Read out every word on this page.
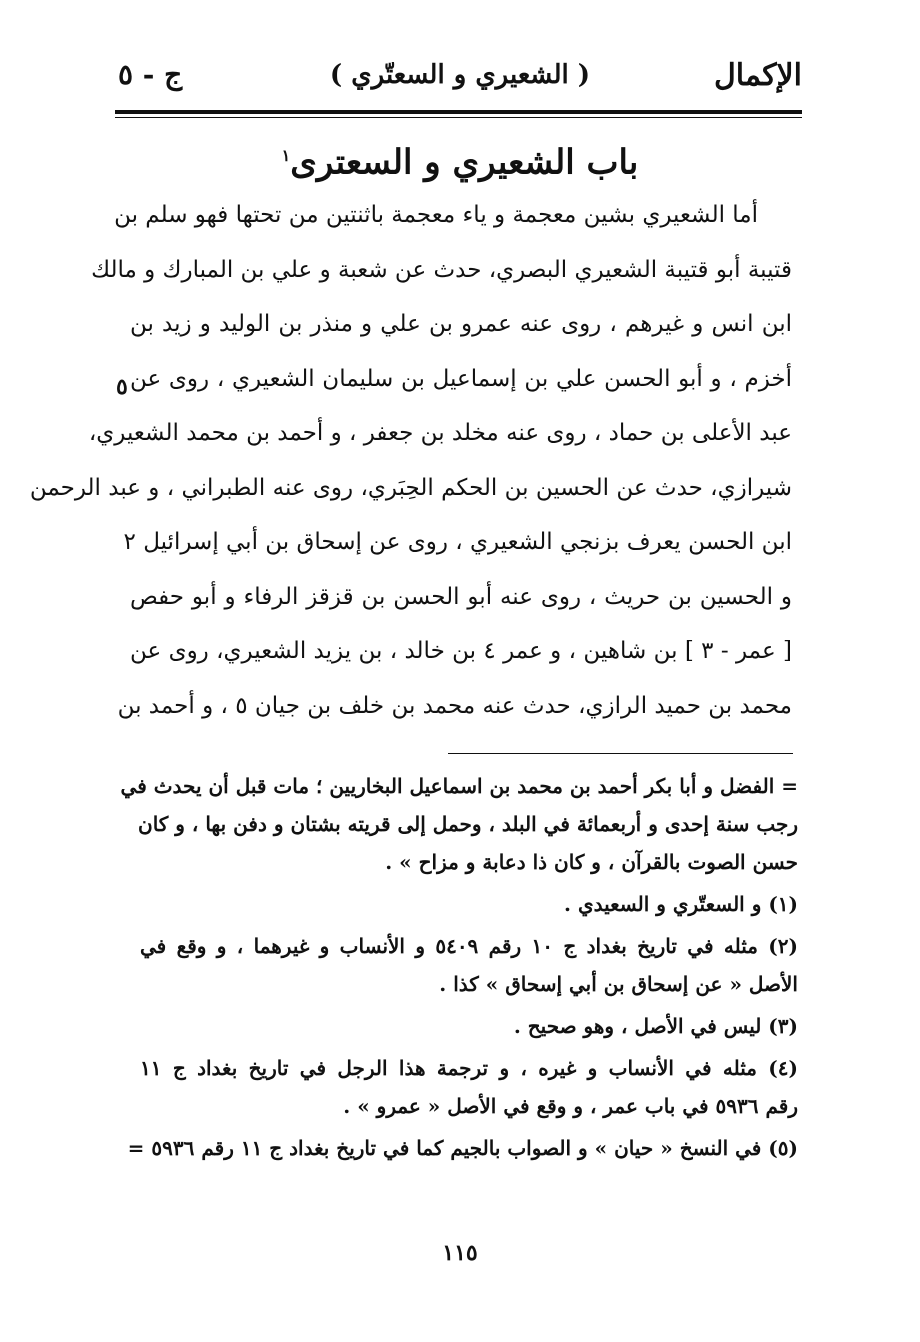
الإكمال
( الشعيري و السعتّري )
ج - ٥
باب الشعيري و السعترى$^١$
٥
أما الشعيري بشين معجمة و ياء معجمة باثنتين من تحتها فهو سلم بن
قتيبة أبو قتيبة الشعيري البصري، حدث عن شعبة و علي بن المبارك و مالك
ابن انس و غيرهم ، روى عنه عمرو بن علي و منذر بن الوليد و زيد بن
أخزم ، و أبو الحسن علي بن إسماعيل بن سليمان الشعيري ، روى عن
عبد الأعلى بن حماد ، روى عنه مخلد بن جعفر ، و أحمد بن محمد الشعيري،
شيرازي، حدث عن الحسين بن الحكم الحِبَري، روى عنه الطبراني ، و عبد الرحمن
ابن الحسن يعرف بزنجي الشعيري ، روى عن إسحاق بن أبي إسرائيل ٢
و الحسين بن حريث ، روى عنه أبو الحسن بن قزقز الرفاء و أبو حفص
[ عمر - ٣ ] بن شاهين ، و عمر ٤ بن خالد ، بن يزيد الشعيري، روى عن
محمد بن حميد الرازي، حدث عنه محمد بن خلف بن جيان ٥ ، و أحمد بن
= الفضل و أبا بكر أحمد بن محمد بن اسماعيل البخاريين ؛ مات قبل أن يحدث في
رجب سنة إحدى و أربعمائة في البلد ، وحمل إلى قريته بشتان و دفن بها ، و كان
حسن الصوت بالقرآن ، و كان ذا دعابة و مزاح » .
(١) و السعتّري و السعيدي .
(٢) مثله في تاريخ بغداد ج ١٠ رقم ٥٤٠٩ و الأنساب و غيرهما ، و وقع في
الأصل « عن إسحاق بن أبي إسحاق » كذا .
(٣) ليس في الأصل ، وهو صحيح .
(٤) مثله في الأنساب و غيره ، و ترجمة هذا الرجل في تاريخ بغداد ج ١١
رقم ٥٩٣٦ في باب عمر ، و وقع في الأصل « عمرو » .
(٥) في النسخ « حيان » و الصواب بالجيم كما في تاريخ بغداد ج ١١ رقم ٥٩٣٦ =
١١٥
